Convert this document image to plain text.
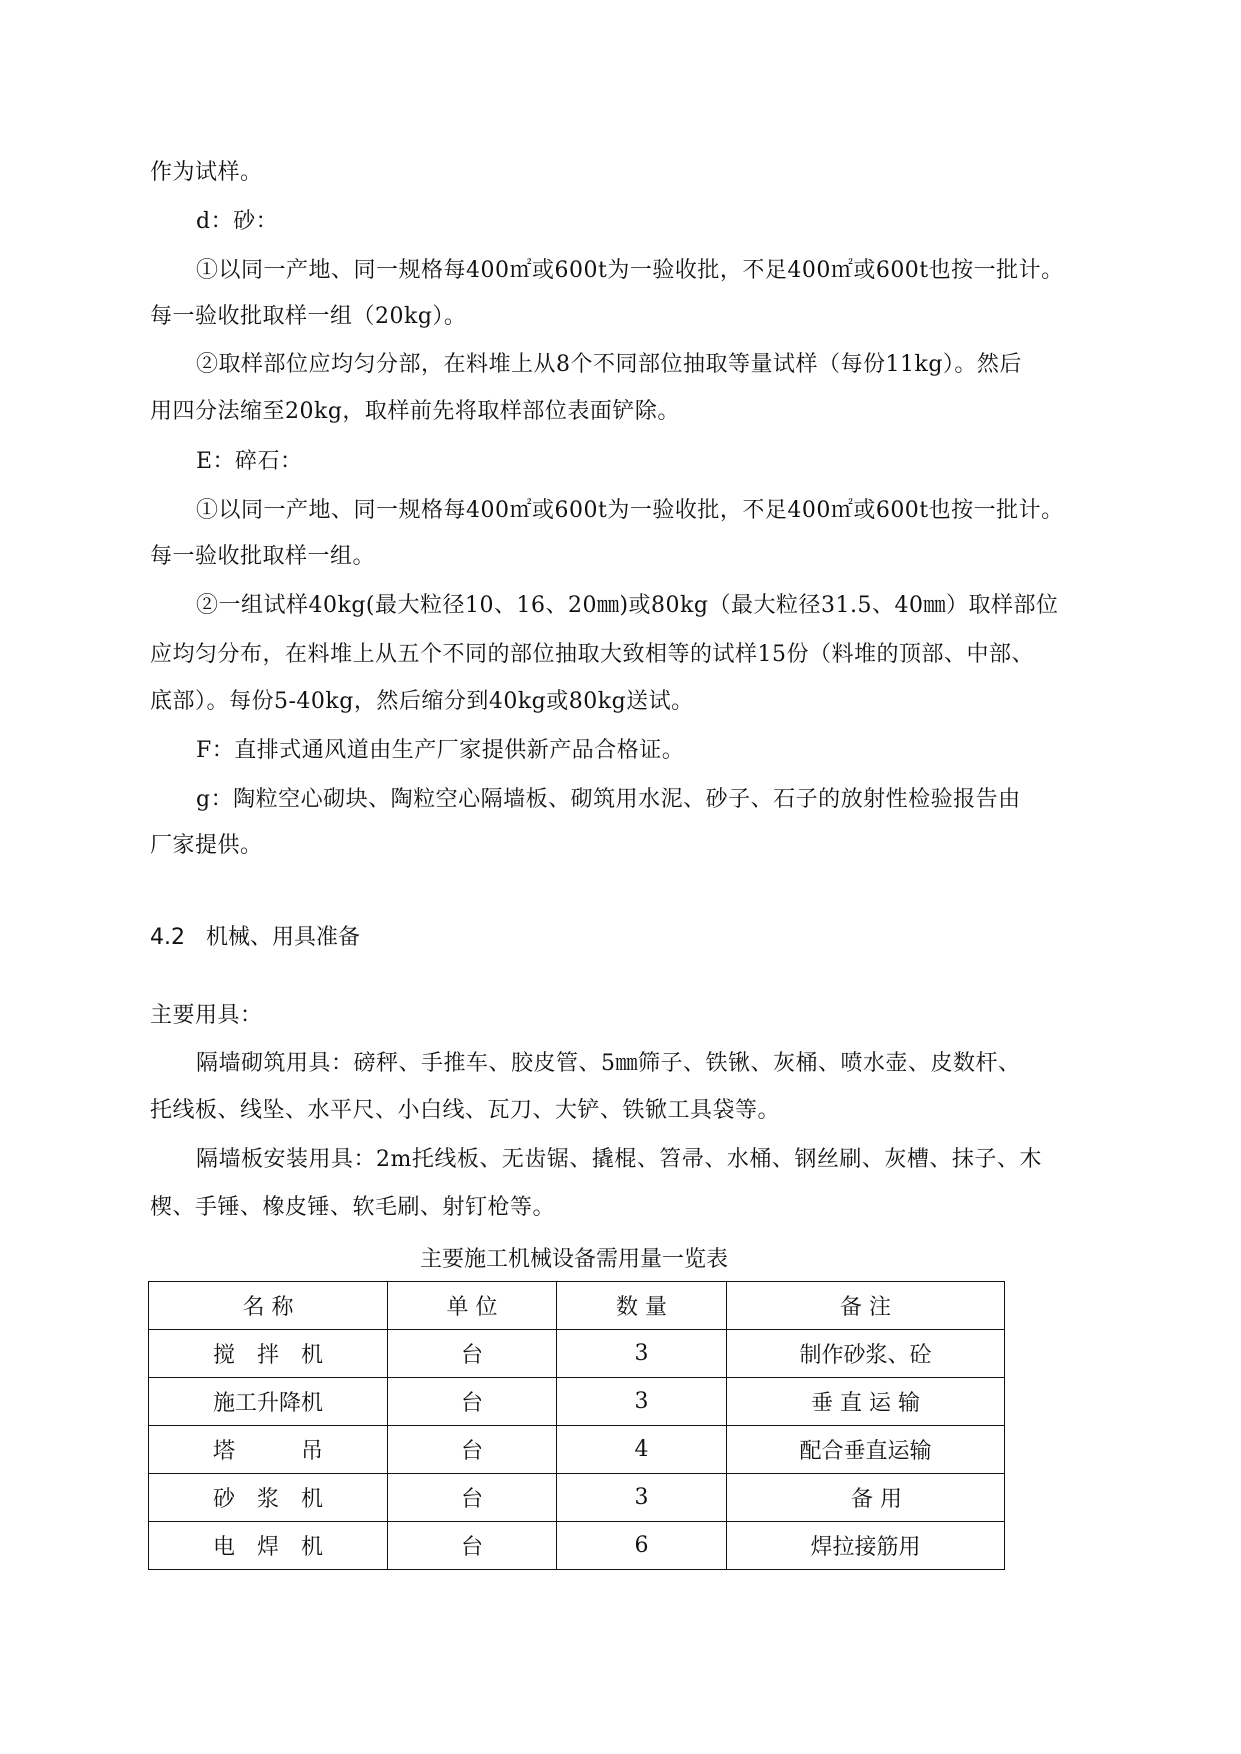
作为试样。
d：砂：
①以同一产地、同一规格每400㎡或600t为一验收批，不足400㎡或600t也按一批计。
每一验收批取样一组（20kg）。
②取样部位应均匀分部，在料堆上从8个不同部位抽取等量试样（每份11kg）。然后
用四分法缩至20kg，取样前先将取样部位表面铲除。
E：碎石：
①以同一产地、同一规格每400㎡或600t为一验收批，不足400㎡或600t也按一批计。
每一验收批取样一组。
②一组试样40kg(最大粒径10、16、20㎜)或80kg（最大粒径31.5、40㎜）取样部位
应均匀分布，在料堆上从五个不同的部位抽取大致相等的试样15份（料堆的顶部、中部、
底部）。每份5-40kg，然后缩分到40kg或80kg送试。
F：直排式通风道由生产厂家提供新产品合格证。
g：陶粒空心砌块、陶粒空心隔墙板、砌筑用水泥、砂子、石子的放射性检验报告由
厂家提供。
4.2 机械、用具准备
主要用具：
隔墙砌筑用具：磅秤、手推车、胶皮管、5㎜筛子、铁锹、灰桶、喷水壶、皮数杆、
托线板、线坠、水平尺、小白线、瓦刀、大铲、铁锨工具袋等。
隔墙板安装用具：2m托线板、无齿锯、撬棍、笤帚、水桶、钢丝刷、灰槽、抹子、木
楔、手锤、橡皮锤、软毛刷、射钉枪等。
主要施工机械设备需用量一览表
名 称	单 位	数 量	备 注
搅　拌　机	台	3	制作砂浆、砼
施工升降机	台	3	垂 直 运 输
塔　　　吊	台	4	配合垂直运输
砂　浆　机	台	3	　备 用
电　焊　机	台	6	焊拉接筋用
